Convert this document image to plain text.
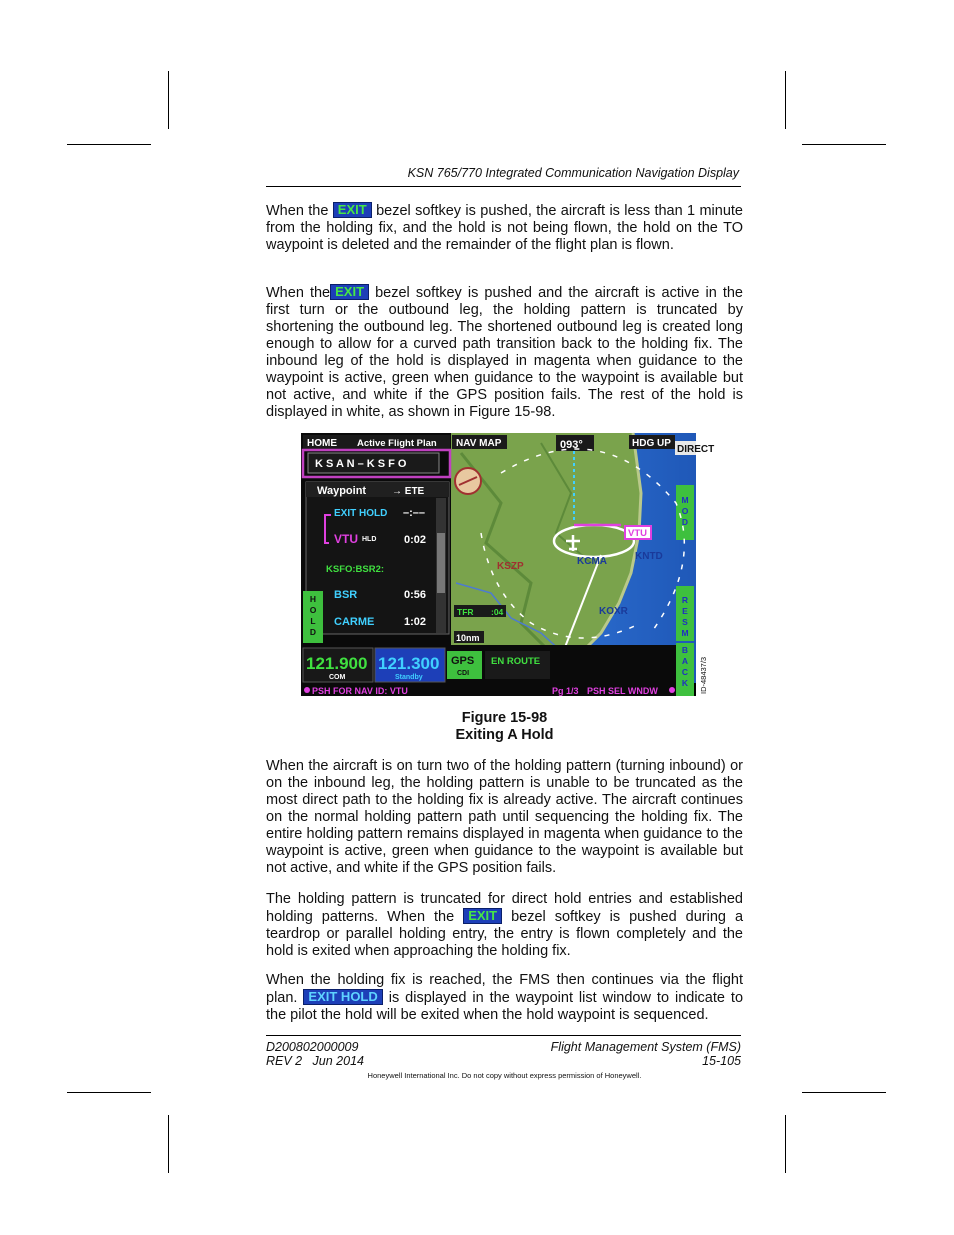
KSN 765/770 Integrated Communication Navigation Display

When the EXIT bezel softkey is pushed, the aircraft is less than 1 minute from the holding fix, and the hold is not being flown, the hold on the TO waypoint is deleted and the remainder of the flight plan is flown.

When the EXIT bezel softkey is pushed and the aircraft is active in the first turn or the outbound leg, the holding pattern is truncated by shortening the outbound leg. The shortened outbound leg is created long enough to allow for a curved path transition back to the holding fix. The inbound leg of the hold is displayed in magenta when guidance to the waypoint is active, green when guidance to the waypoint is available but not active, and white if the GPS position fails. The rest of the hold is displayed in white, as shown in Figure 15-98.

HOME Active Flight Plan
K S A N – K S F O
NAV MAP	093°	HDG UP
DIRECT
Waypoint	→ ETE
EXIT HOLD –:––
VTU HLD	0:02
KSFO:BSR2:
BSR	0:56
CARME	1:02
H
O
L
D
M
O
D
R
E
S
M
B
A
C
K
VTU
KCMA	KNTD
KSZP
KOXR
TFR :04
10nm
121.900
COM
121.300
Standby
GPS
CDI
EN ROUTE
PSH FOR NAV ID: VTU	Pg 1/3 PSH SEL WNDW	ID-48437/3
Figure 15-98
Exiting A Hold

When the aircraft is on turn two of the holding pattern (turning inbound) or on the inbound leg, the holding pattern is unable to be truncated as the most direct path to the holding fix is already active. The aircraft continues on the normal holding pattern path until sequencing the holding fix. The entire holding pattern remains displayed in magenta when guidance to the waypoint is active, green when guidance to the waypoint is available but not active, and white if the GPS position fails.

The holding pattern is truncated for direct hold entries and established holding patterns. When the EXIT bezel softkey is pushed during a teardrop or parallel holding entry, the entry is flown completely and the hold is exited when approaching the holding fix.

When the holding fix is reached, the FMS then continues via the flight plan. EXIT HOLD is displayed in the waypoint list window to indicate to the pilot the hold will be exited when the hold waypoint is sequenced.

D200802000009
REV 2   Jun 2014
Flight Management System (FMS)
15-105
Honeywell International Inc. Do not copy without express permission of Honeywell.
